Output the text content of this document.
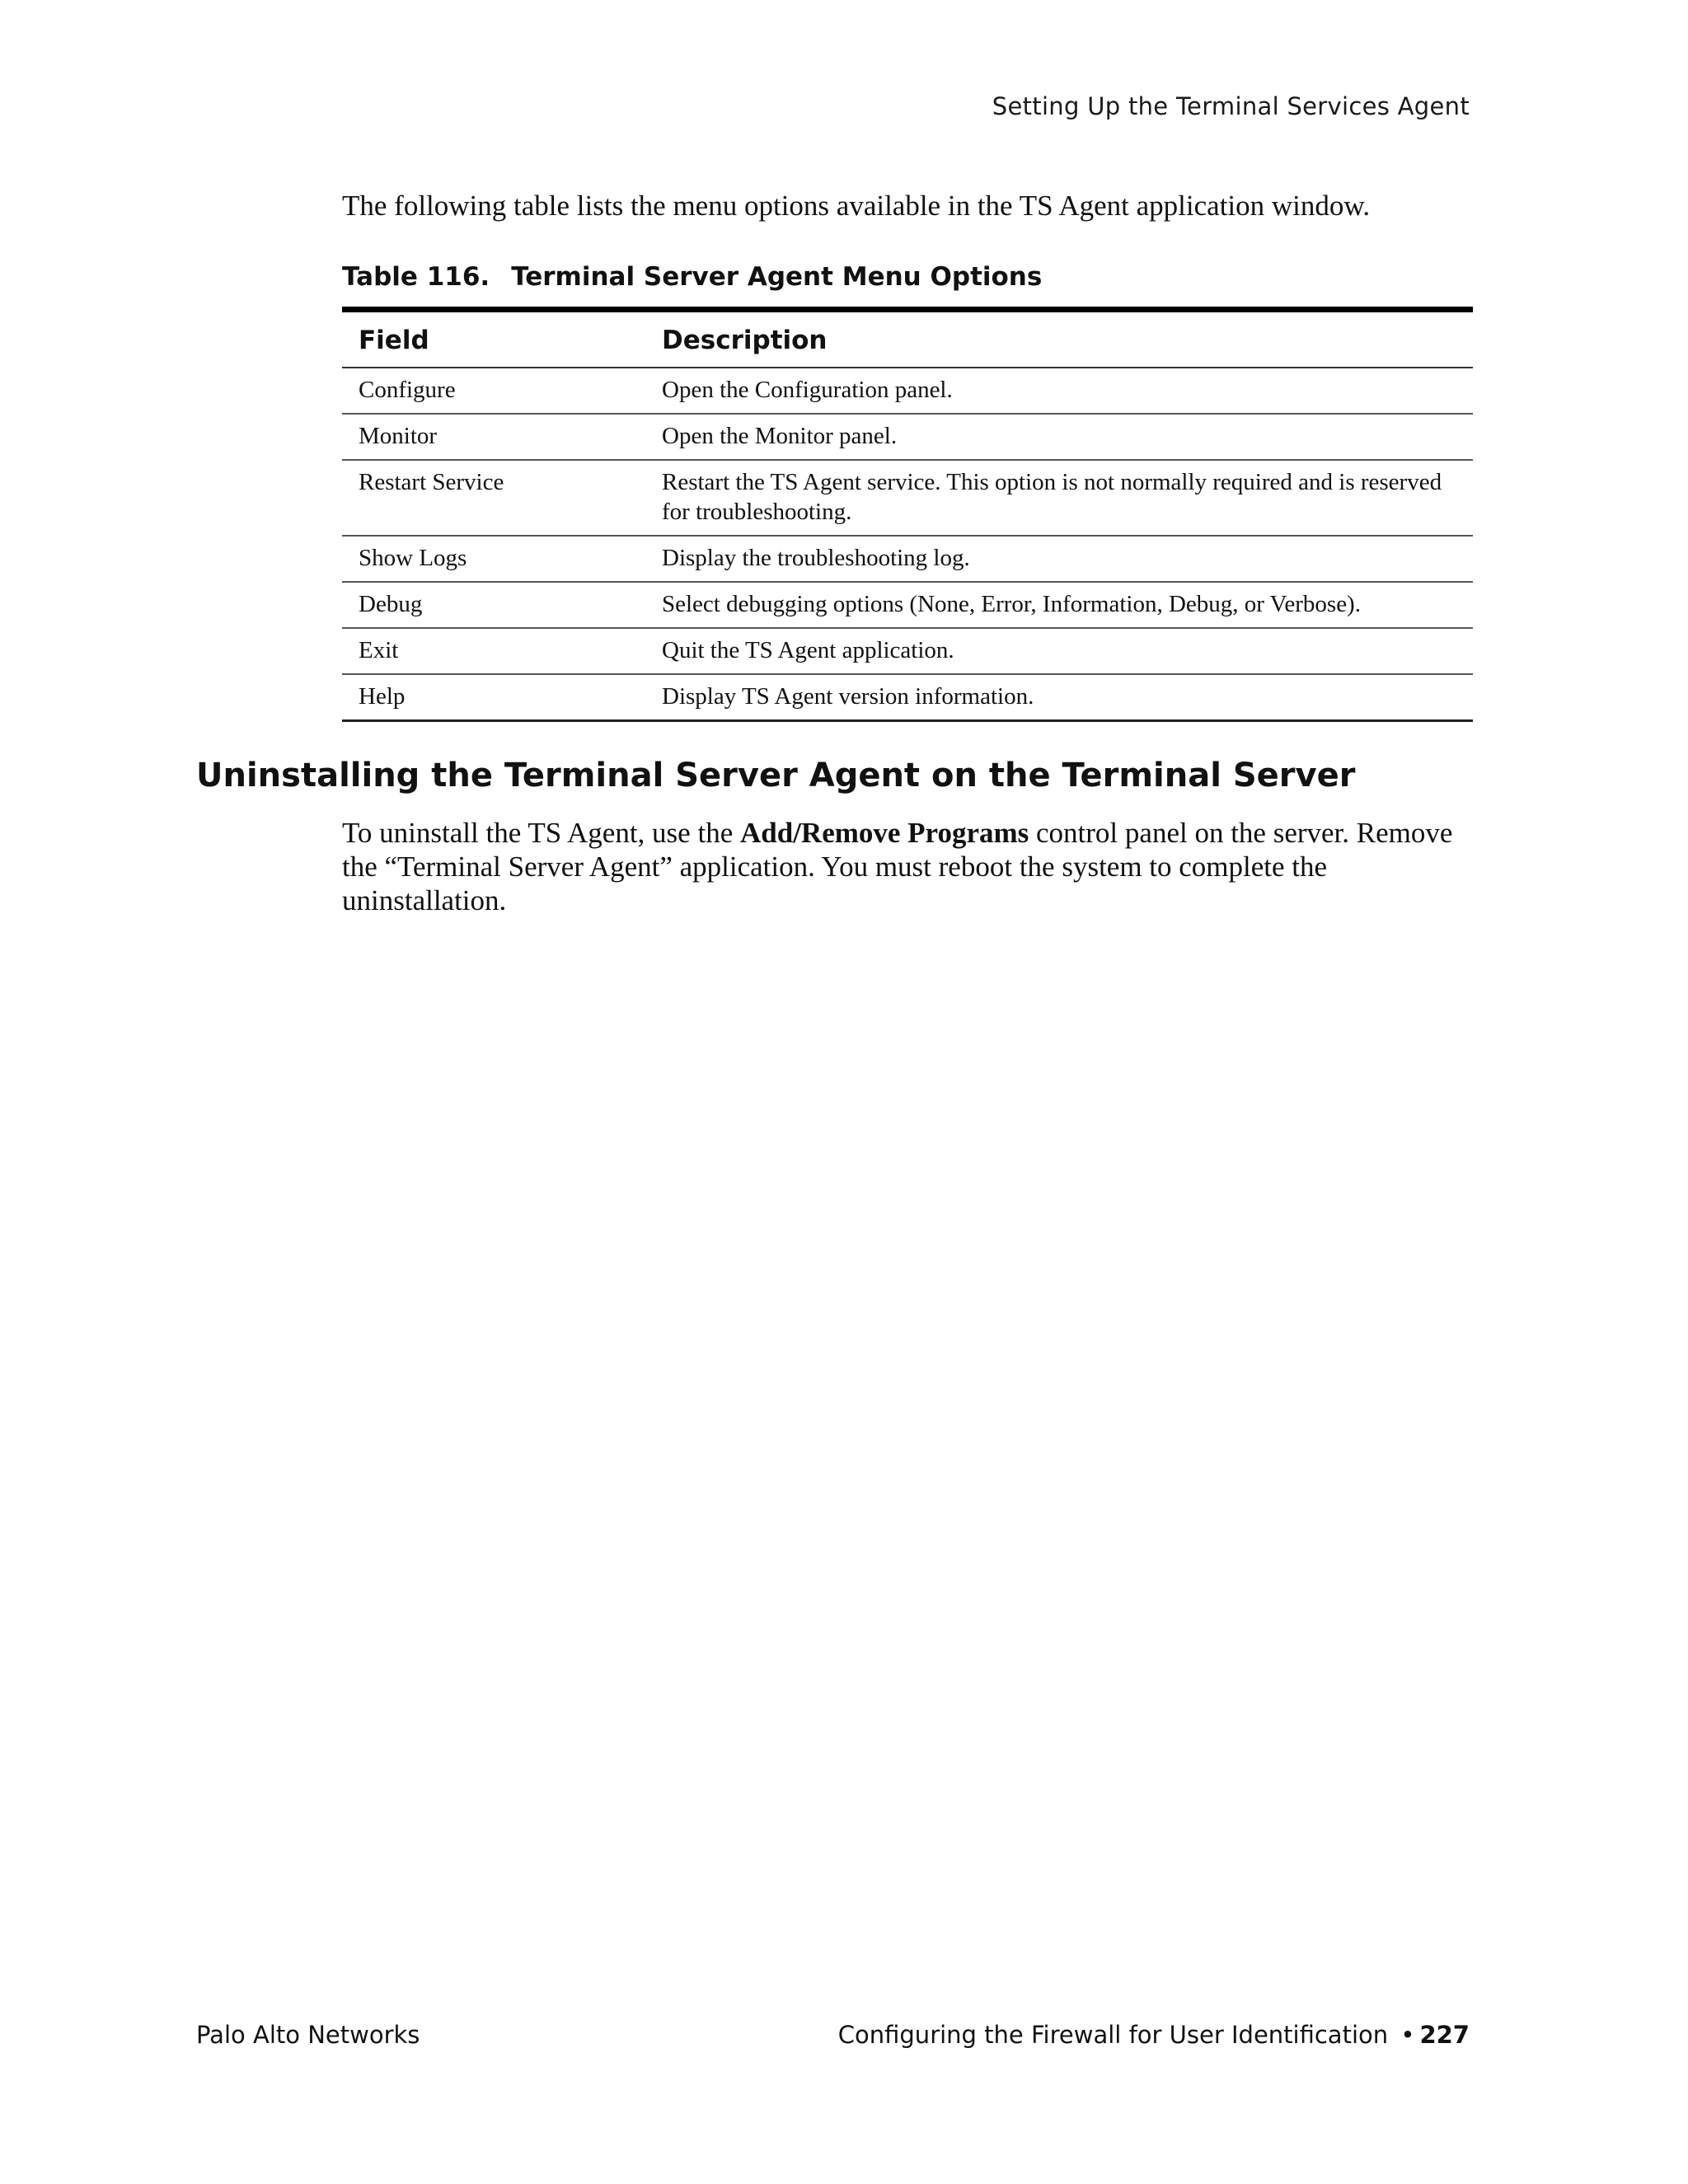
Setting Up the Terminal Services Agent

The following table lists the menu options available in the TS Agent application window.

Table 116. Terminal Server Agent Menu Options
Field	Description
Configure	Open the Configuration panel.
Monitor	Open the Monitor panel.
Restart Service	Restart the TS Agent service. This option is not normally required and is reserved for troubleshooting.
Show Logs	Display the troubleshooting log.
Debug	Select debugging options (None, Error, Information, Debug, or Verbose).
Exit	Quit the TS Agent application.
Help	Display TS Agent version information.
Uninstalling the Terminal Server Agent on the Terminal Server

To uninstall the TS Agent, use the Add/Remove Programs control panel on the server. Remove the “Terminal Server Agent” application. You must reboot the system to complete the uninstallation.

Palo Alto Networks	Configuring the Firewall for User Identification • 227
